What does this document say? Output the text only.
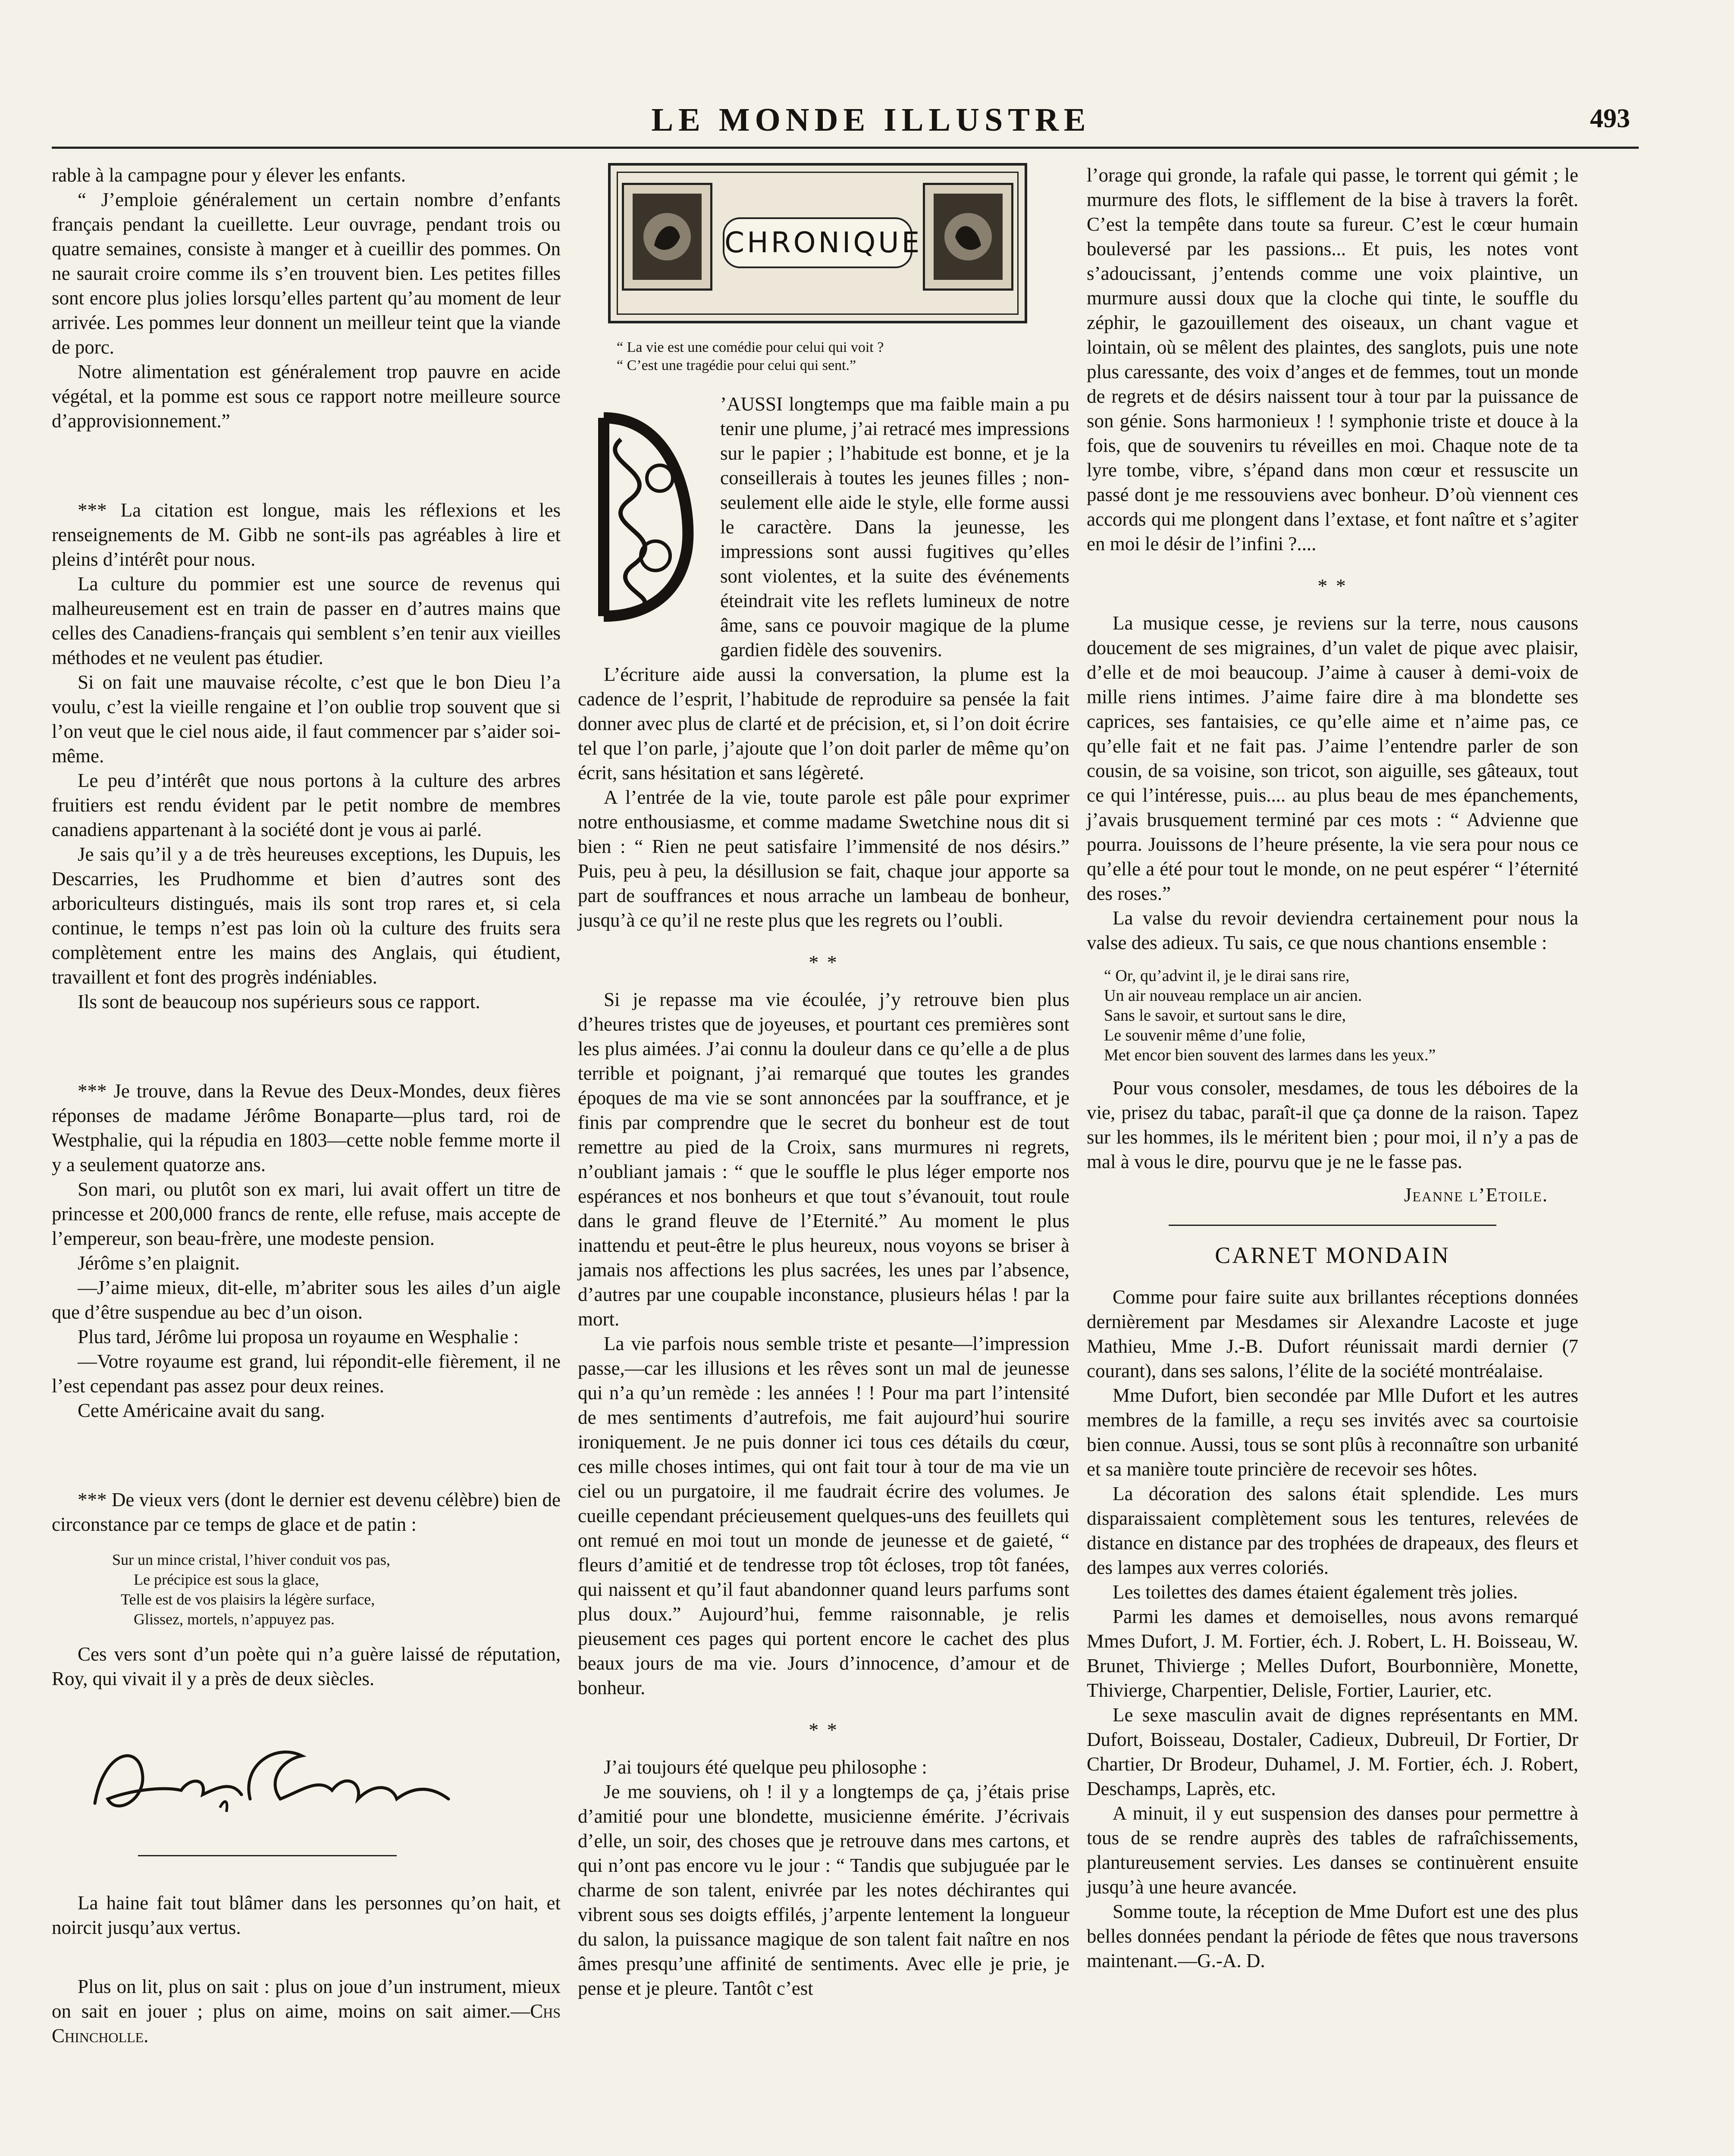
LE MONDE ILLUSTRE	493

rable à la campagne pour y élever les enfants.

“ J’emploie généralement un certain nombre d’enfants français pendant la cueillette. Leur ouvrage, pendant trois ou quatre semaines, consiste à manger et à cueillir des pommes. On ne saurait croire comme ils s’en trouvent bien. Les petites filles sont encore plus jolies lorsqu’elles partent qu’au moment de leur arrivée. Les pommes leur donnent un meilleur teint que la viande de porc.

Notre alimentation est généralement trop pauvre en acide végétal, et la pomme est sous ce rapport notre meilleure source d’approvisionnement.”

*** La citation est longue, mais les réflexions et les renseignements de M. Gibb ne sont-ils pas agréables à lire et pleins d’intérêt pour nous.

La culture du pommier est une source de revenus qui malheureusement est en train de passer en d’autres mains que celles des Canadiens-français qui semblent s’en tenir aux vieilles méthodes et ne veulent pas étudier.

Si on fait une mauvaise récolte, c’est que le bon Dieu l’a voulu, c’est la vieille rengaine et l’on oublie trop souvent que si l’on veut que le ciel nous aide, il faut commencer par s’aider soi-même.

Le peu d’intérêt que nous portons à la culture des arbres fruitiers est rendu évident par le petit nombre de membres canadiens appartenant à la société dont je vous ai parlé.

Je sais qu’il y a de très heureuses exceptions, les Dupuis, les Descarries, les Prudhomme et bien d’autres sont des arboriculteurs distingués, mais ils sont trop rares et, si cela continue, le temps n’est pas loin où la culture des fruits sera complètement entre les mains des Anglais, qui étudient, travaillent et font des progrès indéniables.

Ils sont de beaucoup nos supérieurs sous ce rapport.

*** Je trouve, dans la Revue des Deux-Mondes, deux fières réponses de madame Jérôme Bonaparte—plus tard, roi de Westphalie, qui la répudia en 1803—cette noble femme morte il y a seulement quatorze ans.

Son mari, ou plutôt son ex mari, lui avait offert un titre de princesse et 200,000 francs de rente, elle refuse, mais accepte de l’empereur, son beau-frère, une modeste pension.

Jérôme s’en plaignit.

—J’aime mieux, dit-elle, m’abriter sous les ailes d’un aigle que d’être suspendue au bec d’un oison.

Plus tard, Jérôme lui proposa un royaume en Wesphalie :

—Votre royaume est grand, lui répondit-elle fièrement, il ne l’est cependant pas assez pour deux reines.

Cette Américaine avait du sang.

*** De vieux vers (dont le dernier est devenu célèbre) bien de circonstance par ce temps de glace et de patin :

Sur un mince cristal, l’hiver conduit vos pas,
Le précipice est sous la glace,
Telle est de vos plaisirs la légère surface,
Glissez, mortels, n’appuyez pas.

Ces vers sont d’un poète qui n’a guère laissé de réputation, Roy, qui vivait il y a près de deux siècles.

La haine fait tout blâmer dans les personnes qu’on hait, et noircit jusqu’aux vertus.

Plus on lit, plus on sait : plus on joue d’un instrument, mieux on sait en jouer ; plus on aime, moins on sait aimer.—Chs Chincholle.

CHRONIQUE
“ La vie est une comédie pour celui qui voit ?
“ C’est une tragédie pour celui qui sent.”

’AUSSI longtemps que ma faible main a pu tenir une plume, j’ai retracé mes impressions sur le papier ; l’habitude est bonne, et je la conseillerais à toutes les jeunes filles ; non-seulement elle aide le style, elle forme aussi le caractère. Dans la jeunesse, les impressions sont aussi fugitives qu’elles sont violentes, et la suite des événements éteindrait vite les reflets lumineux de notre âme, sans ce pouvoir magique de la plume gardien fidèle des souvenirs.

L’écriture aide aussi la conversation, la plume est la cadence de l’esprit, l’habitude de reproduire sa pensée la fait donner avec plus de clarté et de précision, et, si l’on doit écrire tel que l’on parle, j’ajoute que l’on doit parler de même qu’on écrit, sans hésitation et sans légèreté.

A l’entrée de la vie, toute parole est pâle pour exprimer notre enthousiasme, et comme madame Swetchine nous dit si bien : “ Rien ne peut satisfaire l’immensité de nos désirs.” Puis, peu à peu, la désillusion se fait, chaque jour apporte sa part de souffrances et nous arrache un lambeau de bonheur, jusqu’à ce qu’il ne reste plus que les regrets ou l’oubli.

* *

Si je repasse ma vie écoulée, j’y retrouve bien plus d’heures tristes que de joyeuses, et pourtant ces premières sont les plus aimées. J’ai connu la douleur dans ce qu’elle a de plus terrible et poignant, j’ai remarqué que toutes les grandes époques de ma vie se sont annoncées par la souffrance, et je finis par comprendre que le secret du bonheur est de tout remettre au pied de la Croix, sans murmures ni regrets, n’oubliant jamais : “ que le souffle le plus léger emporte nos espérances et nos bonheurs et que tout s’évanouit, tout roule dans le grand fleuve de l’Eternité.” Au moment le plus inattendu et peut-être le plus heureux, nous voyons se briser à jamais nos affections les plus sacrées, les unes par l’absence, d’autres par une coupable inconstance, plusieurs hélas ! par la mort.

La vie parfois nous semble triste et pesante—l’impression passe,—car les illusions et les rêves sont un mal de jeunesse qui n’a qu’un remède : les années ! ! Pour ma part l’intensité de mes sentiments d’autrefois, me fait aujourd’hui sourire ironiquement. Je ne puis donner ici tous ces détails du cœur, ces mille choses intimes, qui ont fait tour à tour de ma vie un ciel ou un purgatoire, il me faudrait écrire des volumes. Je cueille cependant précieusement quelques-uns des feuillets qui ont remué en moi tout un monde de jeunesse et de gaieté, “ fleurs d’amitié et de tendresse trop tôt écloses, trop tôt fanées, qui naissent et qu’il faut abandonner quand leurs parfums sont plus doux.” Aujourd’hui, femme raisonnable, je relis pieusement ces pages qui portent encore le cachet des plus beaux jours de ma vie. Jours d’innocence, d’amour et de bonheur.

* *

J’ai toujours été quelque peu philosophe :

Je me souviens, oh ! il y a longtemps de ça, j’étais prise d’amitié pour une blondette, musicienne émérite. J’écrivais d’elle, un soir, des choses que je retrouve dans mes cartons, et qui n’ont pas encore vu le jour : “ Tandis que subjuguée par le charme de son talent, enivrée par les notes déchirantes qui vibrent sous ses doigts effilés, j’arpente lentement la longueur du salon, la puissance magique de son talent fait naître en nos âmes presqu’une affinité de sentiments. Avec elle je prie, je pense et je pleure. Tantôt c’est

l’orage qui gronde, la rafale qui passe, le torrent qui gémit ; le murmure des flots, le sifflement de la bise à travers la forêt. C’est la tempête dans toute sa fureur. C’est le cœur humain bouleversé par les passions... Et puis, les notes vont s’adoucissant, j’entends comme une voix plaintive, un murmure aussi doux que la cloche qui tinte, le souffle du zéphir, le gazouillement des oiseaux, un chant vague et lointain, où se mêlent des plaintes, des sanglots, puis une note plus caressante, des voix d’anges et de femmes, tout un monde de regrets et de désirs naissent tour à tour par la puissance de son génie. Sons harmonieux ! ! symphonie triste et douce à la fois, que de souvenirs tu réveilles en moi. Chaque note de ta lyre tombe, vibre, s’épand dans mon cœur et ressuscite un passé dont je me ressouviens avec bonheur. D’où viennent ces accords qui me plongent dans l’extase, et font naître et s’agiter en moi le désir de l’infini ?....

* *

La musique cesse, je reviens sur la terre, nous causons doucement de ses migraines, d’un valet de pique avec plaisir, d’elle et de moi beaucoup. J’aime à causer à demi-voix de mille riens intimes. J’aime faire dire à ma blondette ses caprices, ses fantaisies, ce qu’elle aime et n’aime pas, ce qu’elle fait et ne fait pas. J’aime l’entendre parler de son cousin, de sa voisine, son tricot, son aiguille, ses gâteaux, tout ce qui l’intéresse, puis.... au plus beau de mes épanchements, j’avais brusquement terminé par ces mots : “ Advienne que pourra. Jouissons de l’heure présente, la vie sera pour nous ce qu’elle a été pour tout le monde, on ne peut espérer “ l’éternité des roses.”

La valse du revoir deviendra certainement pour nous la valse des adieux. Tu sais, ce que nous chantions ensemble :

“ Or, qu’advint il, je le dirai sans rire,
Un air nouveau remplace un air ancien.
Sans le savoir, et surtout sans le dire,
Le souvenir même d’une folie,
Met encor bien souvent des larmes dans les yeux.”

Pour vous consoler, mesdames, de tous les déboires de la vie, prisez du tabac, paraît-il que ça donne de la raison. Tapez sur les hommes, ils le méritent bien ; pour moi, il n’y a pas de mal à vous le dire, pourvu que je ne le fasse pas.

Jeanne l’Etoile.
CARNET MONDAIN

Comme pour faire suite aux brillantes réceptions données dernièrement par Mesdames sir Alexandre Lacoste et juge Mathieu, Mme J.-B. Dufort réunissait mardi dernier (7 courant), dans ses salons, l’élite de la société montréalaise.

Mme Dufort, bien secondée par Mlle Dufort et les autres membres de la famille, a reçu ses invités avec sa courtoisie bien connue. Aussi, tous se sont plûs à reconnaître son urbanité et sa manière toute princière de recevoir ses hôtes.

La décoration des salons était splendide. Les murs disparaissaient complètement sous les tentures, relevées de distance en distance par des trophées de drapeaux, des fleurs et des lampes aux verres coloriés.

Les toilettes des dames étaient également très jolies.

Parmi les dames et demoiselles, nous avons remarqué Mmes Dufort, J. M. Fortier, éch. J. Robert, L. H. Boisseau, W. Brunet, Thivierge ; Melles Dufort, Bourbonnière, Monette, Thivierge, Charpentier, Delisle, Fortier, Laurier, etc.

Le sexe masculin avait de dignes représentants en MM. Dufort, Boisseau, Dostaler, Cadieux, Dubreuil, Dr Fortier, Dr Chartier, Dr Brodeur, Duhamel, J. M. Fortier, éch. J. Robert, Deschamps, Laprès, etc.

A minuit, il y eut suspension des danses pour permettre à tous de se rendre auprès des tables de rafraîchissements, plantureusement servies. Les danses se continuèrent ensuite jusqu’à une heure avancée.

Somme toute, la réception de Mme Dufort est une des plus belles données pendant la période de fêtes que nous traversons maintenant.—G.-A. D.
